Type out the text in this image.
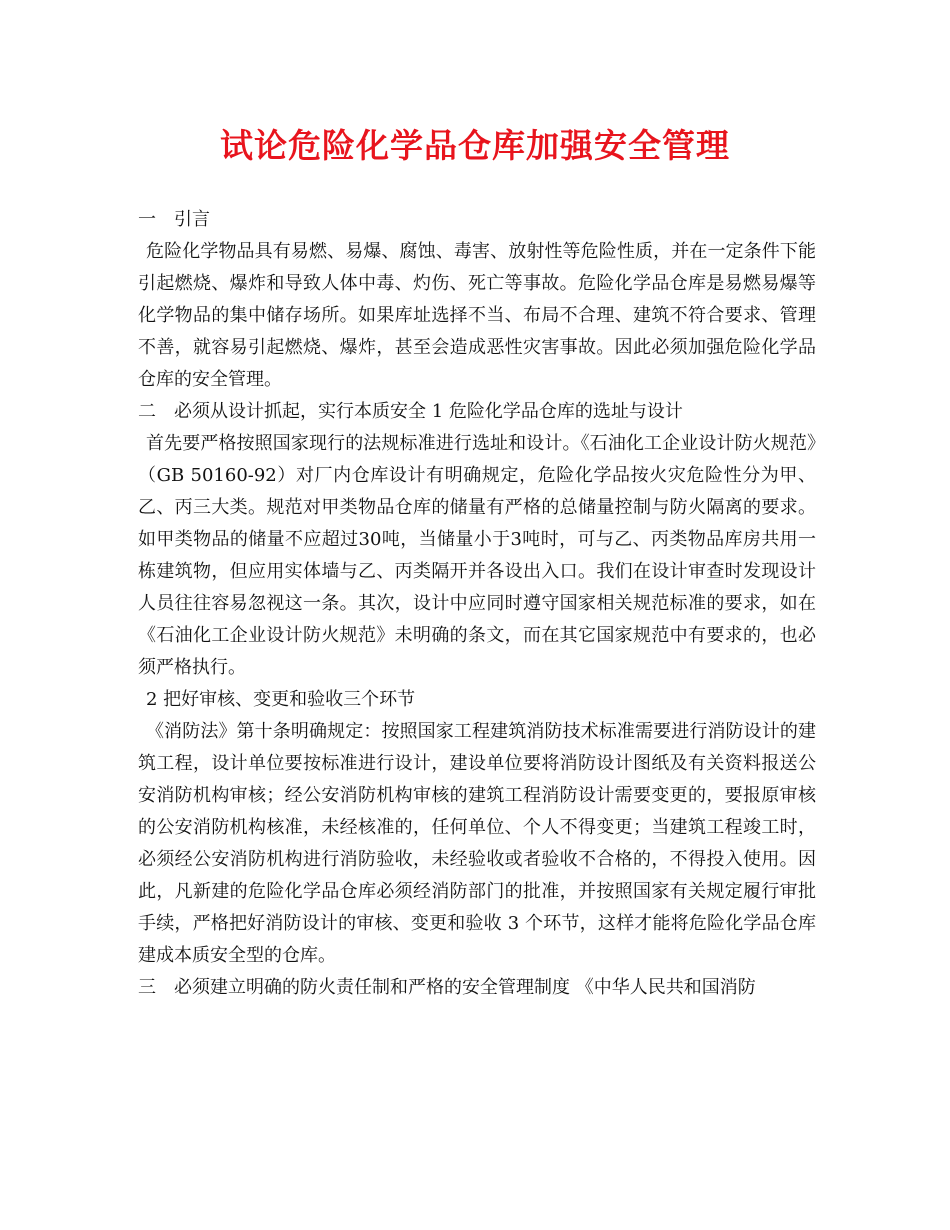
试论危险化学品仓库加强安全管理

一　引言

危险化学物品具有易燃、易爆、腐蚀、毒害、放射性等危险性质，并在一定条件下能引起燃烧、爆炸和导致人体中毒、灼伤、死亡等事故。危险化学品仓库是易燃易爆等化学物品的集中储存场所。如果库址选择不当、布局不合理、建筑不符合要求、管理不善，就容易引起燃烧、爆炸，甚至会造成恶性灾害事故。因此必须加强危险化学品仓库的安全管理。

二　必须从设计抓起，实行本质安全 1 危险化学品仓库的选址与设计

首先要严格按照国家现行的法规标准进行选址和设计。《石油化工企业设计防火规范》（GB 50160-92）对厂内仓库设计有明确规定，危险化学品按火灾危险性分为甲、乙、丙三大类。规范对甲类物品仓库的储量有严格的总储量控制与防火隔离的要求。如甲类物品的储量不应超过30吨，当储量小于3吨时，可与乙、丙类物品库房共用一栋建筑物，但应用实体墙与乙、丙类隔开并各设出入口。我们在设计审查时发现设计人员往往容易忽视这一条。其次，设计中应同时遵守国家相关规范标准的要求，如在《石油化工企业设计防火规范》未明确的条文，而在其它国家规范中有要求的，也必须严格执行。

2 把好审核、变更和验收三个环节

《消防法》第十条明确规定：按照国家工程建筑消防技术标准需要进行消防设计的建筑工程，设计单位要按标准进行设计，建设单位要将消防设计图纸及有关资料报送公安消防机构审核；经公安消防机构审核的建筑工程消防设计需要变更的，要报原审核的公安消防机构核准，未经核准的，任何单位、个人不得变更；当建筑工程竣工时，必须经公安消防机构进行消防验收，未经验收或者验收不合格的，不得投入使用。因此，凡新建的危险化学品仓库必须经消防部门的批准，并按照国家有关规定履行审批手续，严格把好消防设计的审核、变更和验收 3 个环节，这样才能将危险化学品仓库建成本质安全型的仓库。

三　必须建立明确的防火责任制和严格的安全管理制度 《中华人民共和国消防
